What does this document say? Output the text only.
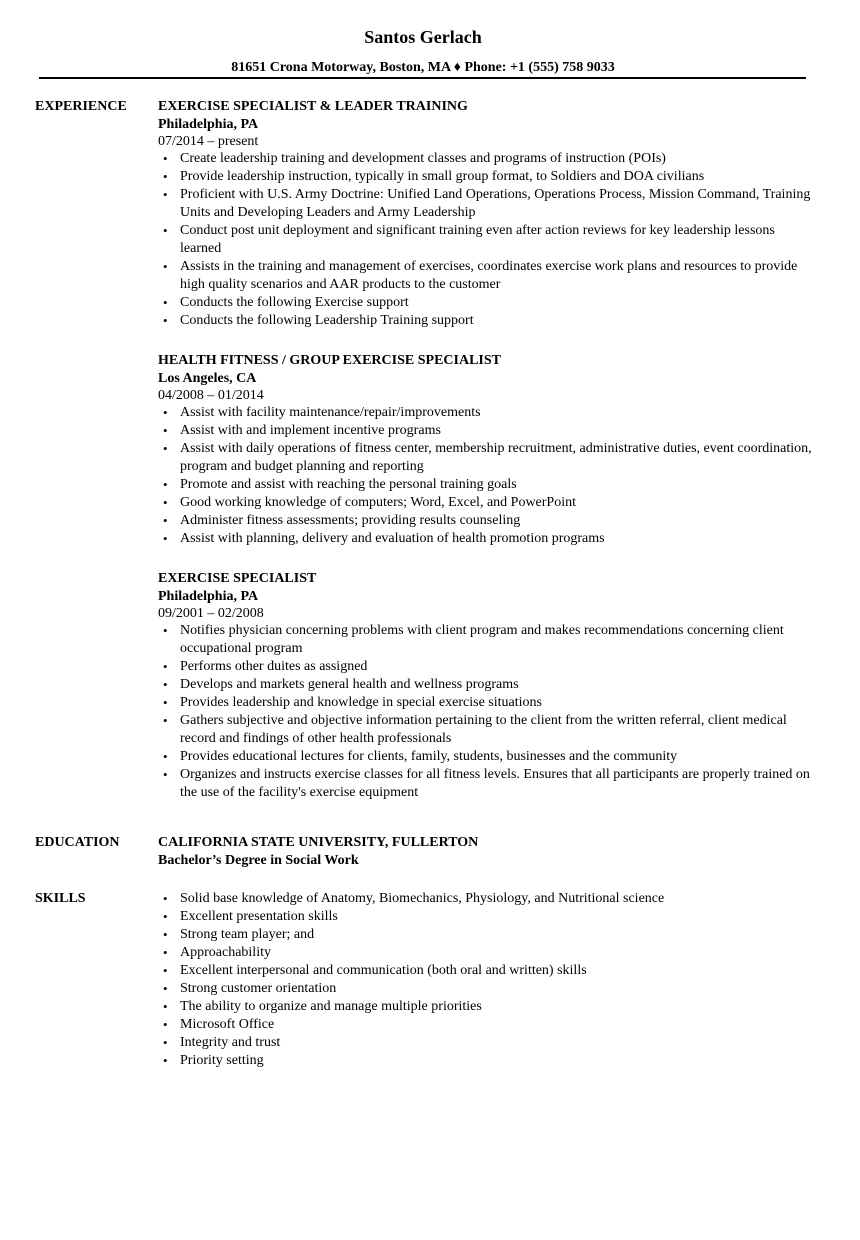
Santos Gerlach
81651 Crona Motorway, Boston, MA ♦ Phone: +1 (555) 758 9033
EXPERIENCE EXERCISE SPECIALIST & LEADER TRAINING
Philadelphia, PA
07/2014 – present
• Create leadership training and development classes and programs of instruction (POIs)
• Provide leadership instruction, typically in small group format, to Soldiers and DOA civilians
• Proficient with U.S. Army Doctrine: Unified Land Operations, Operations Process, Mission Command, Training Units and Developing Leaders and Army Leadership
• Conduct post unit deployment and significant training even after action reviews for key leadership lessons learned
• Assists in the training and management of exercises, coordinates exercise work plans and resources to provide high quality scenarios and AAR products to the customer
• Conducts the following Exercise support
• Conducts the following Leadership Training support
HEALTH FITNESS / GROUP EXERCISE SPECIALIST
Los Angeles, CA
04/2008 – 01/2014
• Assist with facility maintenance/repair/improvements
• Assist with and implement incentive programs
• Assist with daily operations of fitness center, membership recruitment, administrative duties, event coordination, program and budget planning and reporting
• Promote and assist with reaching the personal training goals
• Good working knowledge of computers; Word, Excel, and PowerPoint
• Administer fitness assessments; providing results counseling
• Assist with planning, delivery and evaluation of health promotion programs
EXERCISE SPECIALIST
Philadelphia, PA
09/2001 – 02/2008
• Notifies physician concerning problems with client program and makes recommendations concerning client occupational program
• Performs other duites as assigned
• Develops and markets general health and wellness programs
• Provides leadership and knowledge in special exercise situations
• Gathers subjective and objective information pertaining to the client from the written referral, client medical record and findings of other health professionals
• Provides educational lectures for clients, family, students, businesses and the community
• Organizes and instructs exercise classes for all fitness levels. Ensures that all participants are properly trained on the use of the facility's exercise equipment
EDUCATION	CALIFORNIA STATE UNIVERSITY, FULLERTON
Bachelor’s Degree in Social Work
SKILLS
•	Solid base knowledge of Anatomy, Biomechanics, Physiology, and Nutritional science
• Excellent presentation skills
• Strong team player; and
• Approachability
• Excellent interpersonal and communication (both oral and written) skills
• Strong customer orientation
• The ability to organize and manage multiple priorities
• Microsoft Office
• Integrity and trust
• Priority setting
